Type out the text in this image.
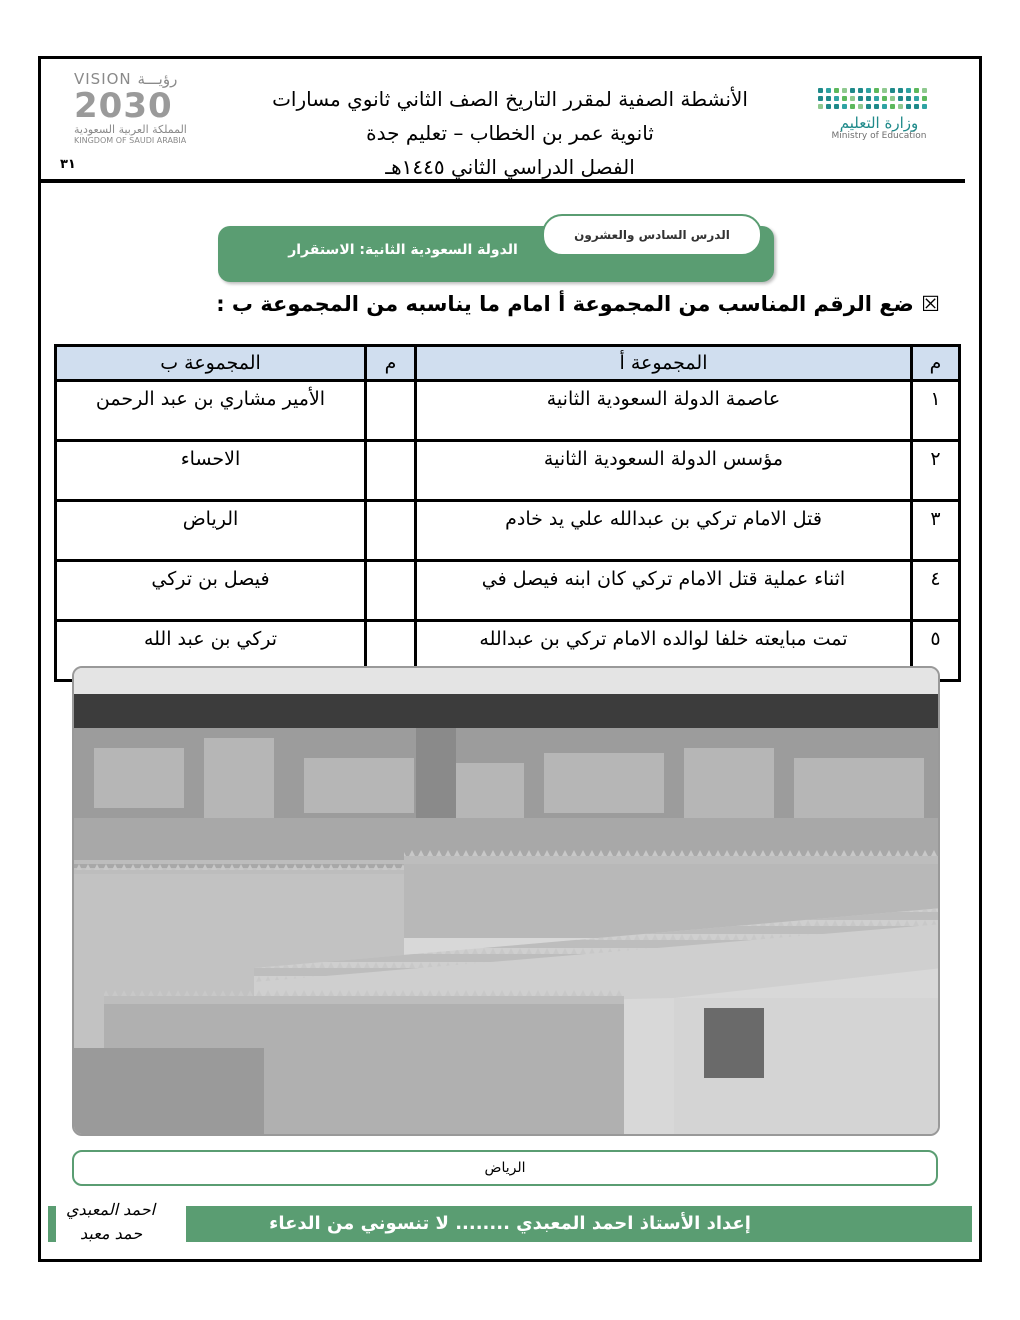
وزارة التعليم
Ministry of Education
VISION رؤيـــة
2030
المملكة العربية السعودية
KINGDOM OF SAUDI ARABIA
٣١
الأنشطة الصفية لمقرر التاريخ الصف الثاني ثانوي مسارات
ثانوية عمر بن الخطاب – تعليم جدة
الفصل الدراسي الثاني ١٤٤٥هـ
الدولة السعودية الثانية: الاستقرار
الدرس السادس والعشرون
☒ ضع الرقم المناسب من المجموعة أ امام ما يناسبه من المجموعة ب :
م	المجموعة أ	م	المجموعة ب
١	عاصمة الدولة السعودية الثانية		الأمير مشاري بن عبد الرحمن
٢	مؤسس الدولة السعودية الثانية		الاحساء
٣	قتل الامام تركي بن عبدالله علي يد خادم		الرياض
٤	اثناء عملية قتل الامام تركي كان ابنه فيصل في		فيصل بن تركي
٥	تمت مبايعته خلفا لوالده الامام تركي بن عبدالله		تركي بن عبد الله
الرياض
إعداد الأستاذ احمد المعبدي ........ لا تنسوني من الدعاء
احمد المعبدي
حمد معبد
